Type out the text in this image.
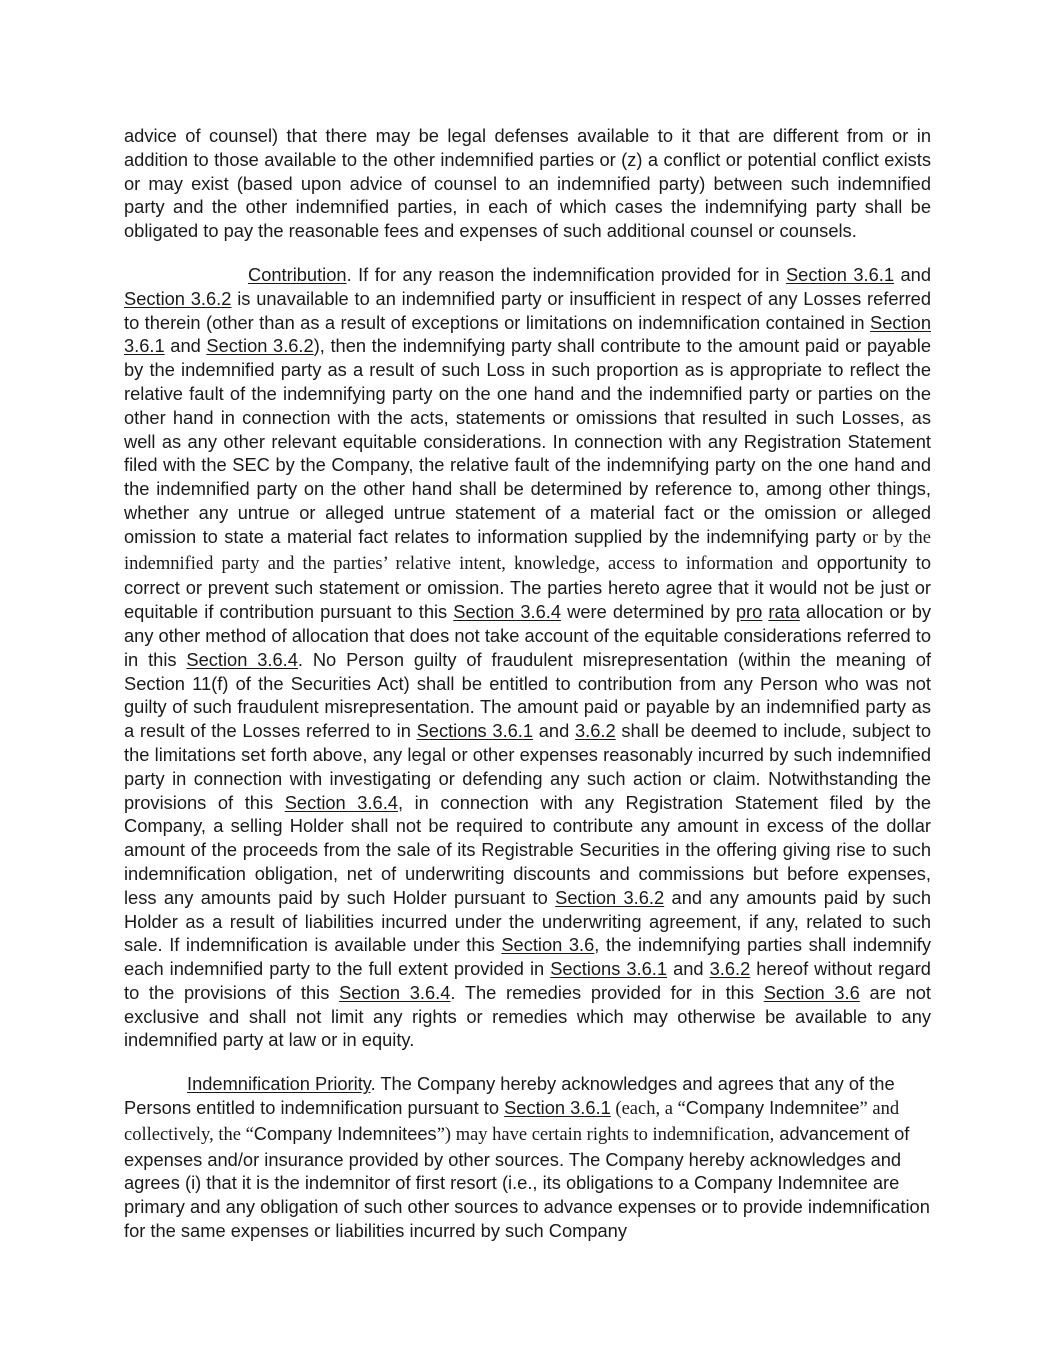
advice of counsel) that there may be legal defenses available to it that are different from or in addition to those available to the other indemnified parties or (z) a conflict or potential conflict exists or may exist (based upon advice of counsel to an indemnified party) between such indemnified party and the other indemnified parties, in each of which cases the indemnifying party shall be obligated to pay the reasonable fees and expenses of such additional counsel or counsels.

Contribution. If for any reason the indemnification provided for in Section 3.6.1 and Section 3.6.2 is unavailable to an indemnified party or insufficient in respect of any Losses referred to therein (other than as a result of exceptions or limitations on indemnification contained in Section 3.6.1 and Section 3.6.2), then the indemnifying party shall contribute to the amount paid or payable by the indemnified party as a result of such Loss in such proportion as is appropriate to reflect the relative fault of the indemnifying party on the one hand and the indemnified party or parties on the other hand in connection with the acts, statements or omissions that resulted in such Losses, as well as any other relevant equitable considerations. In connection with any Registration Statement filed with the SEC by the Company, the relative fault of the indemnifying party on the one hand and the indemnified party on the other hand shall be determined by reference to, among other things, whether any untrue or alleged untrue statement of a material fact or the omission or alleged omission to state a material fact relates to information supplied by the indemnifying party or by the indemnified party and the parties’ relative intent, knowledge, access to information and opportunity to correct or prevent such statement or omission. The parties hereto agree that it would not be just or equitable if contribution pursuant to this Section 3.6.4 were determined by pro rata allocation or by any other method of allocation that does not take account of the equitable considerations referred to in this Section 3.6.4. No Person guilty of fraudulent misrepresentation (within the meaning of Section 11(f) of the Securities Act) shall be entitled to contribution from any Person who was not guilty of such fraudulent misrepresentation. The amount paid or payable by an indemnified party as a result of the Losses referred to in Sections 3.6.1 and 3.6.2 shall be deemed to include, subject to the limitations set forth above, any legal or other expenses reasonably incurred by such indemnified party in connection with investigating or defending any such action or claim. Notwithstanding the provisions of this Section 3.6.4, in connection with any Registration Statement filed by the Company, a selling Holder shall not be required to contribute any amount in excess of the dollar amount of the proceeds from the sale of its Registrable Securities in the offering giving rise to such indemnification obligation, net of underwriting discounts and commissions but before expenses, less any amounts paid by such Holder pursuant to Section 3.6.2 and any amounts paid by such Holder as a result of liabilities incurred under the underwriting agreement, if any, related to such sale. If indemnification is available under this Section 3.6, the indemnifying parties shall indemnify each indemnified party to the full extent provided in Sections 3.6.1 and 3.6.2 hereof without regard to the provisions of this Section 3.6.4. The remedies provided for in this Section 3.6 are not exclusive and shall not limit any rights or remedies which may otherwise be available to any indemnified party at law or in equity.

Indemnification Priority. The Company hereby acknowledges and agrees that any of the Persons entitled to indemnification pursuant to Section 3.6.1 (each, a “Company Indemnitee” and collectively, the “Company Indemnitees”) may have certain rights to indemnification, advancement of expenses and/or insurance provided by other sources. The Company hereby acknowledges and agrees (i) that it is the indemnitor of first resort (i.e., its obligations to a Company Indemnitee are primary and any obligation of such other sources to advance expenses or to provide indemnification for the same expenses or liabilities incurred by such Company
